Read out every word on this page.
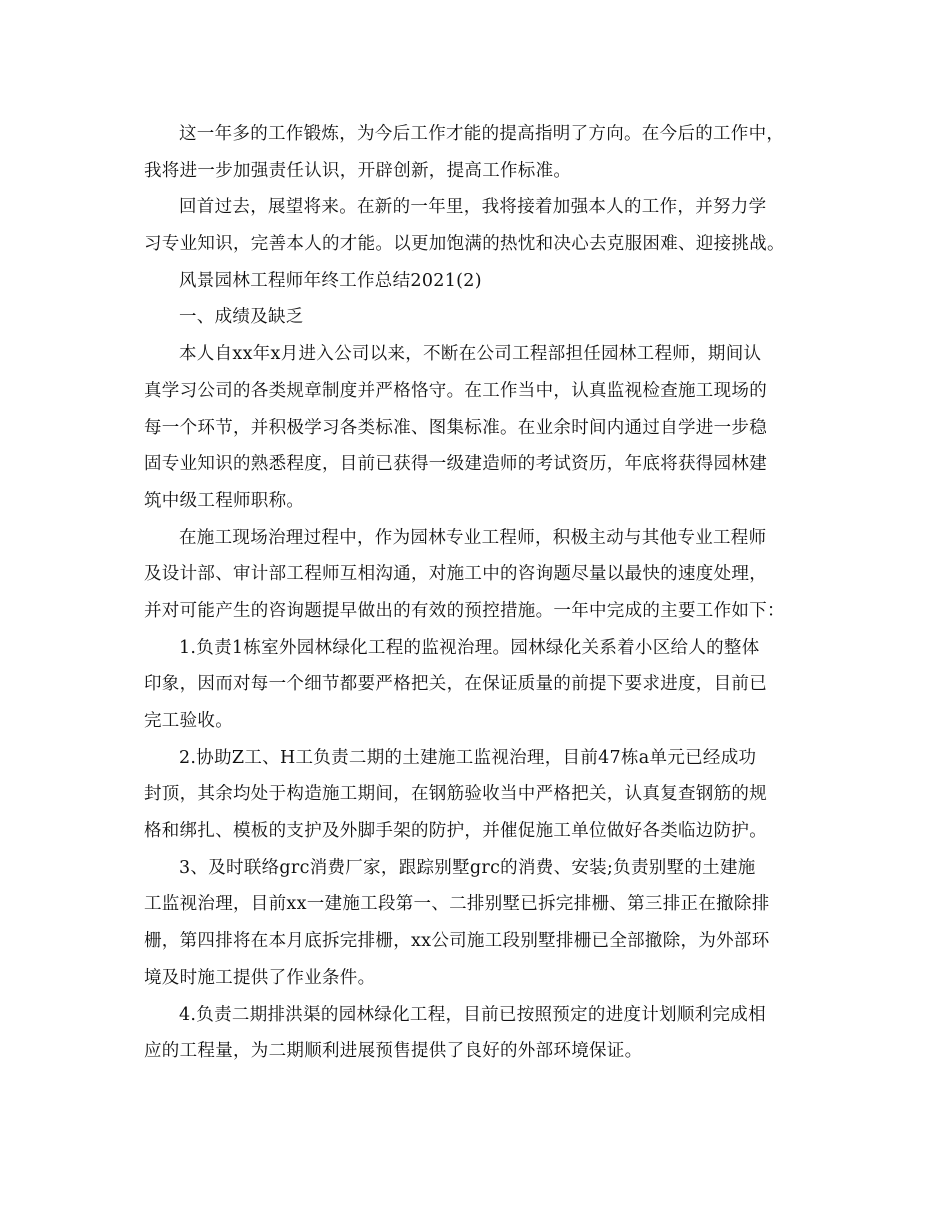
这一年多的工作锻炼，为今后工作才能的提高指明了方向。在今后的工作中，
我将进一步加强责任认识，开辟创新，提高工作标准。
回首过去，展望将来。在新的一年里，我将接着加强本人的工作，并努力学
习专业知识，完善本人的才能。以更加饱满的热忱和决心去克服困难、迎接挑战。
风景园林工程师年终工作总结2021(2)
一、成绩及缺乏
本人自xx年x月进入公司以来，不断在公司工程部担任园林工程师，期间认
真学习公司的各类规章制度并严格恪守。在工作当中，认真监视检查施工现场的
每一个环节，并积极学习各类标准、图集标准。在业余时间内通过自学进一步稳
固专业知识的熟悉程度，目前已获得一级建造师的考试资历，年底将获得园林建
筑中级工程师职称。
在施工现场治理过程中，作为园林专业工程师，积极主动与其他专业工程师
及设计部、审计部工程师互相沟通，对施工中的咨询题尽量以最快的速度处理，
并对可能产生的咨询题提早做出的有效的预控措施。一年中完成的主要工作如下：
1.负责1栋室外园林绿化工程的监视治理。园林绿化关系着小区给人的整体
印象，因而对每一个细节都要严格把关，在保证质量的前提下要求进度，目前已
完工验收。
2.协助Z工、H工负责二期的土建施工监视治理，目前47栋a单元已经成功
封顶，其余均处于构造施工期间，在钢筋验收当中严格把关，认真复查钢筋的规
格和绑扎、模板的支护及外脚手架的防护，并催促施工单位做好各类临边防护。
3、及时联络grc消费厂家，跟踪别墅grc的消费、安装;负责别墅的土建施
工监视治理，目前xx一建施工段第一、二排别墅已拆完排栅、第三排正在撤除排
栅，第四排将在本月底拆完排栅，xx公司施工段别墅排栅已全部撤除，为外部环
境及时施工提供了作业条件。
4.负责二期排洪渠的园林绿化工程，目前已按照预定的进度计划顺利完成相
应的工程量，为二期顺利进展预售提供了良好的外部环境保证。
